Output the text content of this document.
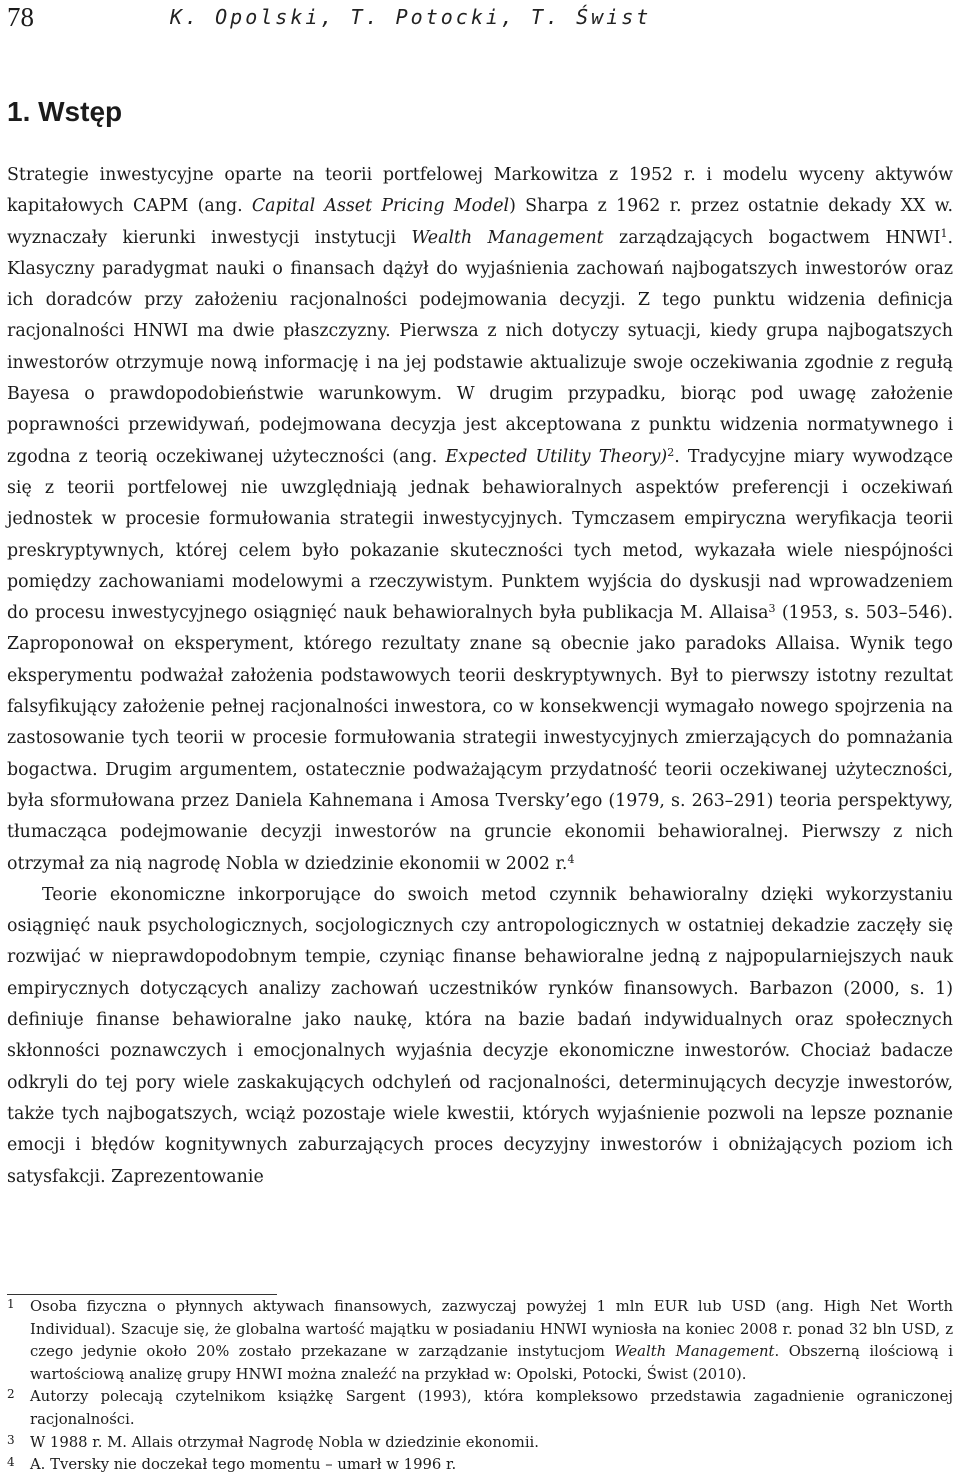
78	K. Opolski, T. Potocki, T. Świst
1. Wstęp

Strategie inwestycyjne oparte na teorii portfelowej Markowitza z 1952 r. i modelu wyceny aktywów kapitałowych CAPM (ang. Capital Asset Pricing Model) Sharpa z 1962 r. przez ostatnie dekady XX w. wyznaczały kierunki inwestycji instytucji Wealth Management zarządzających bogactwem HNWI$^1$. Klasyczny paradygmat nauki o finansach dążył do wyjaśnienia zachowań najbogatszych inwestorów oraz ich doradców przy założeniu racjonalności podejmowania decyzji. Z tego punktu widzenia definicja racjonalności HNWI ma dwie płaszczyzny. Pierwsza z nich dotyczy sytuacji, kiedy grupa najbogatszych inwestorów otrzymuje nową informację i na jej podstawie aktualizuje swoje oczekiwania zgodnie z regułą Bayesa o prawdopodobieństwie warunkowym. W drugim przypadku, biorąc pod uwagę założenie poprawności przewidywań, podejmowana decyzja jest akceptowana z punktu widzenia normatywnego i zgodna z teorią oczekiwanej użyteczności (ang. Expected Utility Theory)$^2$. Tradycyjne miary wywodzące się z teorii portfelowej nie uwzględniają jednak behawioralnych aspektów preferencji i oczekiwań jednostek w procesie formułowania strategii inwestycyjnych. Tymczasem empiryczna weryfikacja teorii preskryptywnych, której celem było pokazanie skuteczności tych metod, wykazała wiele niespójności pomiędzy zachowaniami modelowymi a rzeczywistym. Punktem wyjścia do dyskusji nad wprowadzeniem do procesu inwestycyjnego osiągnięć nauk behawioralnych była publikacja M. Allaisa$^3$ (1953, s. 503–546). Zaproponował on eksperyment, którego rezultaty znane są obecnie jako paradoks Allaisa. Wynik tego eksperymentu podważał założenia podstawowych teorii deskryptywnych. Był to pierwszy istotny rezultat falsyfikujący założenie pełnej racjonalności inwestora, co w konsekwencji wymagało nowego spojrzenia na zastosowanie tych teorii w procesie formułowania strategii inwestycyjnych zmierzających do pomnażania bogactwa. Drugim argumentem, ostatecznie podważającym przydatność teorii oczekiwanej użyteczności, była sformułowana przez Daniela Kahnemana i Amosa Tversky’ego (1979, s. 263–291) teoria perspektywy, tłumacząca podejmowanie decyzji inwestorów na gruncie ekonomii behawioralnej. Pierwszy z nich otrzymał za nią nagrodę Nobla w dziedzinie ekonomii w 2002 r.$^4$

Teorie ekonomiczne inkorporujące do swoich metod czynnik behawioralny dzięki wykorzystaniu osiągnięć nauk psychologicznych, socjologicznych czy antropologicznych w ostatniej dekadzie zaczęły się rozwijać w nieprawdopodobnym tempie, czyniąc finanse behawioralne jedną z najpopularniejszych nauk empirycznych dotyczących analizy zachowań uczestników rynków finansowych. Barbazon (2000, s. 1) definiuje finanse behawioralne jako naukę, która na bazie badań indywidualnych oraz społecznych skłonności poznawczych i emocjonalnych wyjaśnia decyzje ekonomiczne inwestorów. Chociaż badacze odkryli do tej pory wiele zaskakujących odchyleń od racjonalności, determinujących decyzje inwestorów, także tych najbogatszych, wciąż pozostaje wiele kwestii, których wyjaśnienie pozwoli na lepsze poznanie emocji i błędów kognitywnych zaburzających proces decyzyjny inwestorów i obniżających poziom ich satysfakcji. Zaprezentowanie

1 Osoba fizyczna o płynnych aktywach finansowych, zazwyczaj powyżej 1 mln EUR lub USD (ang. High Net Worth Individual). Szacuje się, że globalna wartość majątku w posiadaniu HNWI wyniosła na koniec 2008 r. ponad 32 bln USD, z czego jedynie około 20% zostało przekazane w zarządzanie instytucjom Wealth Management. Obszerną ilościową i wartościową analizę grupy HNWI można znaleźć na przykład w: Opolski, Potocki, Świst (2010).
2 Autorzy polecają czytelnikom książkę Sargent (1993), która kompleksowo przedstawia zagadnienie ograniczonej racjonalności.
3 W 1988 r. M. Allais otrzymał Nagrodę Nobla w dziedzinie ekonomii.
4 A. Tversky nie doczekał tego momentu – umarł w 1996 r.
